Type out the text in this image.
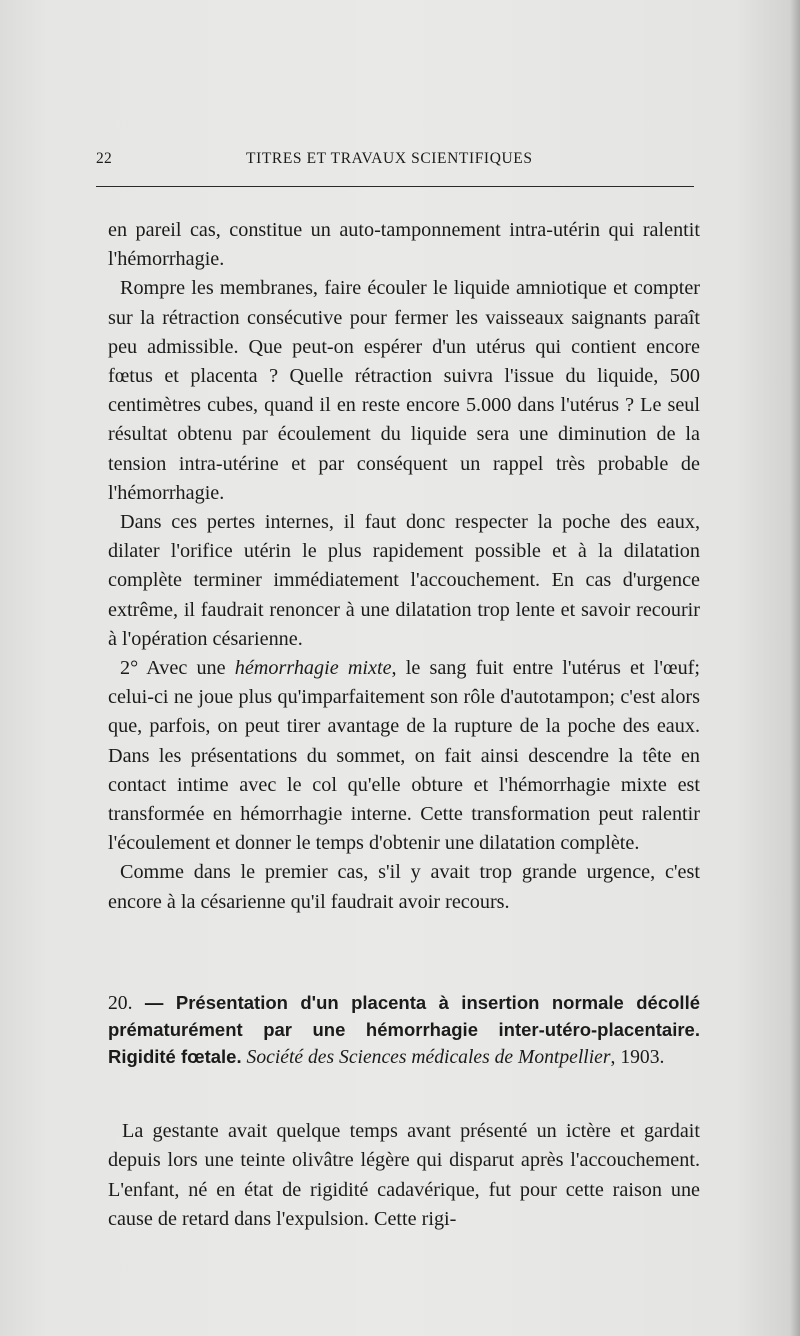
22	TITRES ET TRAVAUX SCIENTIFIQUES

en pareil cas, constitue un auto-tamponnement intra-utérin qui ralentit l'hémorrhagie.

Rompre les membranes, faire écouler le liquide amniotique et compter sur la rétraction consécutive pour fermer les vaisseaux saignants paraît peu admissible. Que peut-on espérer d'un utérus qui contient encore fœtus et placenta ? Quelle rétraction suivra l'issue du liquide, 500 centimètres cubes, quand il en reste encore 5.000 dans l'utérus ? Le seul résultat obtenu par écoulement du liquide sera une diminution de la tension intra-utérine et par conséquent un rappel très probable de l'hémorrhagie.

Dans ces pertes internes, il faut donc respecter la poche des eaux, dilater l'orifice utérin le plus rapidement possible et à la dilatation complète terminer immédiatement l'accouchement. En cas d'urgence extrême, il faudrait renoncer à une dilatation trop lente et savoir recourir à l'opération césarienne.

2° Avec une hémorrhagie mixte, le sang fuit entre l'utérus et l'œuf; celui-ci ne joue plus qu'imparfaitement son rôle d'autotampon; c'est alors que, parfois, on peut tirer avantage de la rupture de la poche des eaux. Dans les présentations du sommet, on fait ainsi descendre la tête en contact intime avec le col qu'elle obture et l'hémorrhagie mixte est transformée en hémorrhagie interne. Cette transformation peut ralentir l'écoulement et donner le temps d'obtenir une dilatation complète.

Comme dans le premier cas, s'il y avait trop grande urgence, c'est encore à la césarienne qu'il faudrait avoir recours.

20. — Présentation d'un placenta à insertion normale décollé prématurément par une hémorrhagie inter-utéro-placentaire. Rigidité fœtale. Société des Sciences médicales de Montpellier, 1903.

La gestante avait quelque temps avant présenté un ictère et gardait depuis lors une teinte olivâtre légère qui disparut après l'accouchement. L'enfant, né en état de rigidité cadavérique, fut pour cette raison une cause de retard dans l'expulsion. Cette rigi-
